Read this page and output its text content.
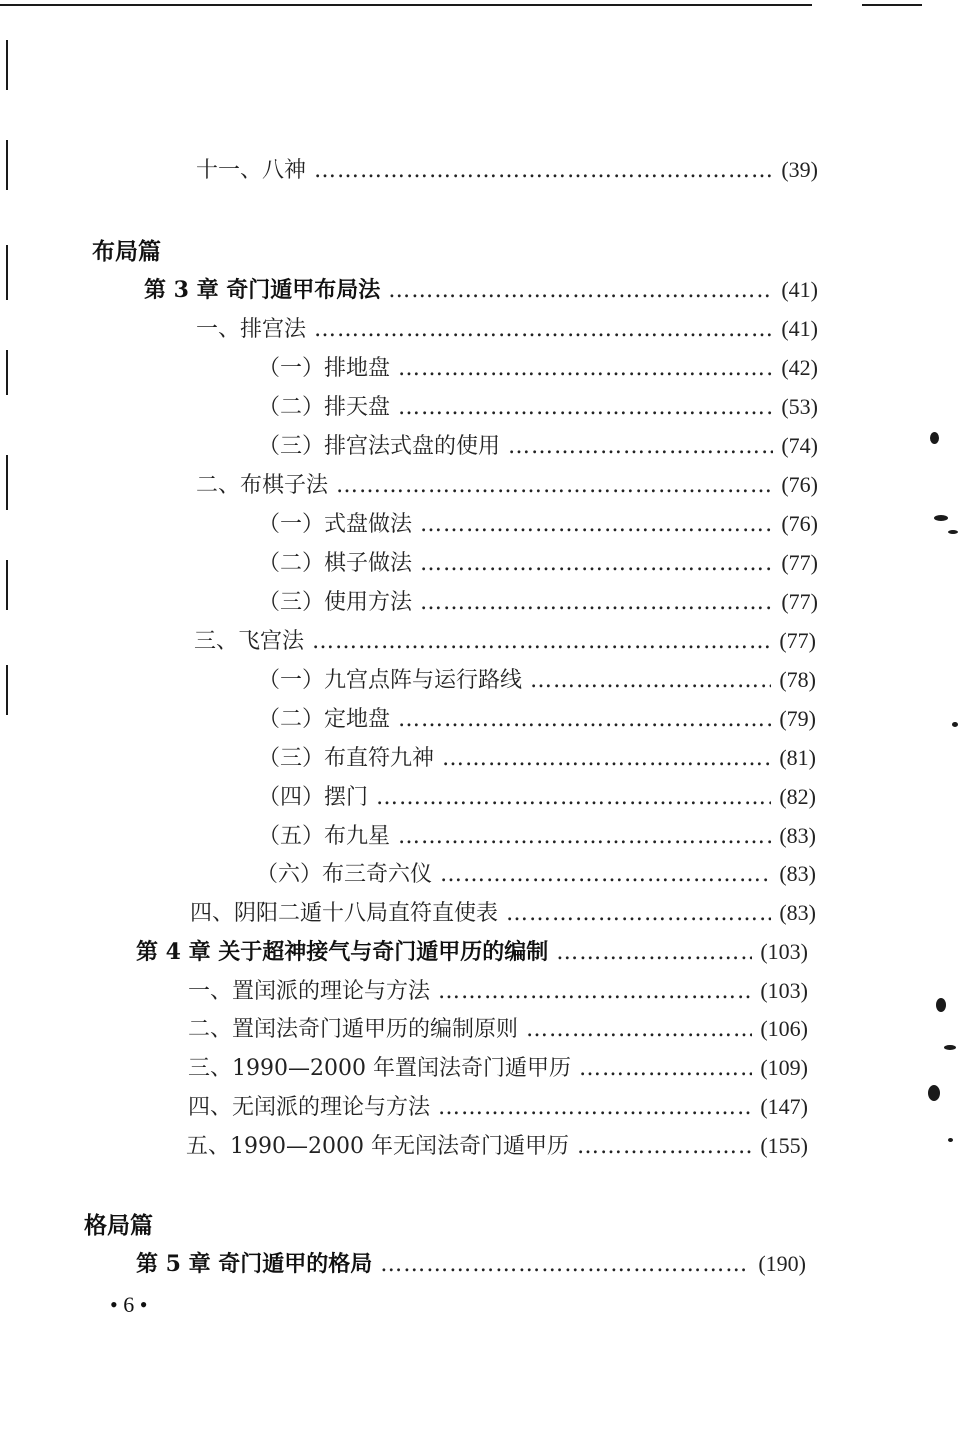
十一、八神 …………………………………………………………………………………………………………………………………………………………	(39)
布局篇
第 3 章 奇门遁甲布局法 …………………………………………………………………………………………………………………………………………………………	(41)
一、排宫法 …………………………………………………………………………………………………………………………………………………………	(41)
（一）排地盘 …………………………………………………………………………………………………………………………………………………………	(42)
（二）排天盘 …………………………………………………………………………………………………………………………………………………………	(53)
（三）排宫法式盘的使用 …………………………………………………………………………………………………………………………………………………………	(74)
二、布棋子法 …………………………………………………………………………………………………………………………………………………………	(76)
（一）式盘做法 …………………………………………………………………………………………………………………………………………………………	(76)
（二）棋子做法 …………………………………………………………………………………………………………………………………………………………	(77)
（三）使用方法 …………………………………………………………………………………………………………………………………………………………	(77)
三、飞宫法 …………………………………………………………………………………………………………………………………………………………	(77)
（一）九宫点阵与运行路线 …………………………………………………………………………………………………………………………………………………………	(78)
（二）定地盘 …………………………………………………………………………………………………………………………………………………………	(79)
（三）布直符九神 …………………………………………………………………………………………………………………………………………………………	(81)
（四）摆门 …………………………………………………………………………………………………………………………………………………………	(82)
（五）布九星 …………………………………………………………………………………………………………………………………………………………	(83)
（六）布三奇六仪 …………………………………………………………………………………………………………………………………………………………	(83)
四、阴阳二遁十八局直符直使表 …………………………………………………………………………………………………………………………………………………………	(83)
第 4 章 关于超神接气与奇门遁甲历的编制 …………………………………………………………………………………………………………………………………………………………	(103)
一、置闰派的理论与方法 …………………………………………………………………………………………………………………………………………………………	(103)
二、置闰法奇门遁甲历的编制原则 …………………………………………………………………………………………………………………………………………………………	(106)
三、1990—2000 年置闰法奇门遁甲历 …………………………………………………………………………………………………………………………………………………………	(109)
四、无闰派的理论与方法 …………………………………………………………………………………………………………………………………………………………	(147)
五、1990—2000 年无闰法奇门遁甲历 …………………………………………………………………………………………………………………………………………………………	(155)
格局篇
第 5 章 奇门遁甲的格局 …………………………………………………………………………………………………………………………………………………………	(190)
• 6 •
